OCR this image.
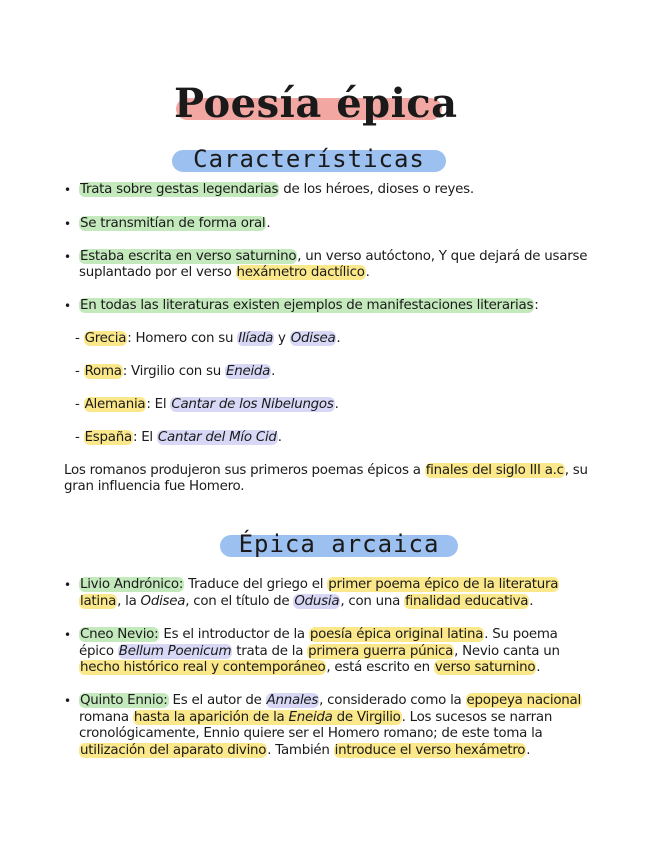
Poesía épica
Características
• Trata sobre gestas legendarias de los héroes, dioses o reyes.
• Se transmitían de forma oral.
• Estaba escrita en verso saturnino, un verso autóctono, Y que dejará de usarse
suplantado por el verso hexámetro dactílico.
• En todas las literaturas existen ejemplos de manifestaciones literarias:
- Grecia: Homero con su Ilíada y Odisea.
- Roma: Virgilio con su Eneida.
- Alemania: El Cantar de los Nibelungos.
- España: El Cantar del Mío Cid.
Los romanos produjeron sus primeros poemas épicos a finales del siglo III a.c, su
gran influencia fue Homero.
Épica arcaica
• Livio Andrónico: Traduce del griego el primer poema épico de la literatura
latina, la Odisea, con el título de Odusia, con una finalidad educativa.
• Cneo Nevio: Es el introductor de la poesía épica original latina. Su poema
épico Bellum Poenicum trata de la primera guerra púnica, Nevio canta un
hecho histórico real y contemporáneo, está escrito en verso saturnino.
• Quinto Ennio: Es el autor de Annales, considerado como la epopeya nacional
romana hasta la aparición de la Eneida de Virgilio. Los sucesos se narran
cronológicamente, Ennio quiere ser el Homero romano; de este toma la
utilización del aparato divino. También introduce el verso hexámetro.
